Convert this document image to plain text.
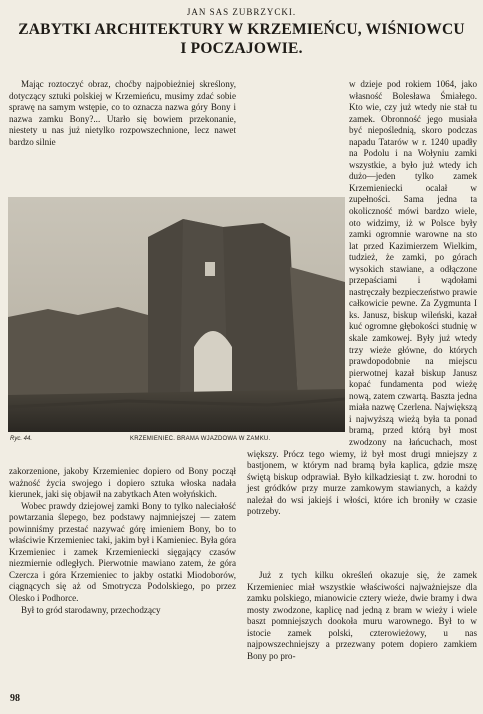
JAN SAS ZUBRZYCKI.
ZABYTKI ARCHITEKTURY W KRZEMIEŃCU, WIŚNIOWCU I POCZAJOWIE.

Mając roztoczyć obraz, choćby najpobieżniej skreślony, dotyczący sztuki polskiej w Krzemieńcu, musimy zdać sobie sprawę na samym wstępie, co to oznacza nazwa góry Bony i nazwa zamku Bony?... Utarło się bowiem przekonanie, niestety u nas już nietylko rozpowszechnione, lecz nawet bardzo silnie

w dzieje pod rokiem 1064, jako własność Bolesława Śmiałego. Kto wie, czy już wtedy nie stał tu zamek. Obronność jego musiała być niepoślednią, skoro podczas napadu Tatarów w r. 1240 upadły na Podolu i na Wołyniu zamki wszystkie, a było już wtedy ich dużo—jeden tylko zamek Krzemieniecki ocalał w zupełności. Sama jedna ta okoliczność mówi bardzo wiele, oto widzimy, iż w Polsce były zamki ogromnie warowne na sto lat przed Kazimierzem Wielkim, tudzież, że zamki, po górach wysokich stawiane, a odłączone przepaściami i wądołami nastręczały bezpieczeństwo prawie całkowicie pewne. Za Zygmunta I ks. Janusz, biskup wileński, kazał kuć ogromne głębokości studnię w skale zamkowej. Były już wtedy trzy wieże główne, do których prawdopodobnie na miejscu pierwotnej kazał biskup Janusz kopać fundamenta pod wieżę nową, zatem czwartą. Baszta jedna miała nazwę Czerlena. Największą i najwyższą wieżą była ta ponad bramą, przed którą był most zwodzony na łańcuchach, most większy. Prócz tego wiemy, iż był most drugi mniejszy z bastjonem, w którym nad bramą była kaplica, gdzie mszę świętą biskup odprawiał. Było kilkadziesiąt t. zw. horodni to jest gródków przy murze zamkowym stawianych, a każdy należał do wsi jakiejś i włości, które ich broniły w czasie potrzeby.

Ryc. 44.	KRZEMIENIEC. BRAMA WJAZDOWA W ZAMKU.

zakorzenione, jakoby Krzemieniec dopiero od Bony począł ważność życia swojego i dopiero sztuka włoska nadała kierunek, jaki się objawił na zabytkach Aten wołyńskich.

Wobec prawdy dziejowej zamki Bony to tylko naleciałość powtarzania ślepego, bez podstawy najmniejszej — zatem powinniśmy przestać nazywać górę imieniem Bony, bo to właściwie Krzemieniec taki, jakim był i Kamieniec. Była góra Krzemieniec i zamek Krzemieniecki sięgający czasów niezmiernie odległych. Pierwotnie mawiano zatem, że góra Czercza i góra Krzemieniec to jakby ostatki Miodoborów, ciągnących się aż od Smotrycza Podolskiego, po przez Olesko i Podhorce.

Był to gród starodawny, przechodzący

Już z tych kilku określeń okazuje się, że zamek Krzemieniec miał wszystkie właściwości najważniejsze dla zamku polskiego, mianowicie cztery wieże, dwie bramy i dwa mosty zwodzone, kaplicę nad jedną z bram w wieży i wiele baszt pomniejszych dookoła muru warownego. Był to w istocie zamek polski, czterowieżowy, u nas najpowszechniejszy a przezwany potem dopiero zamkiem Bony po pro-

98
